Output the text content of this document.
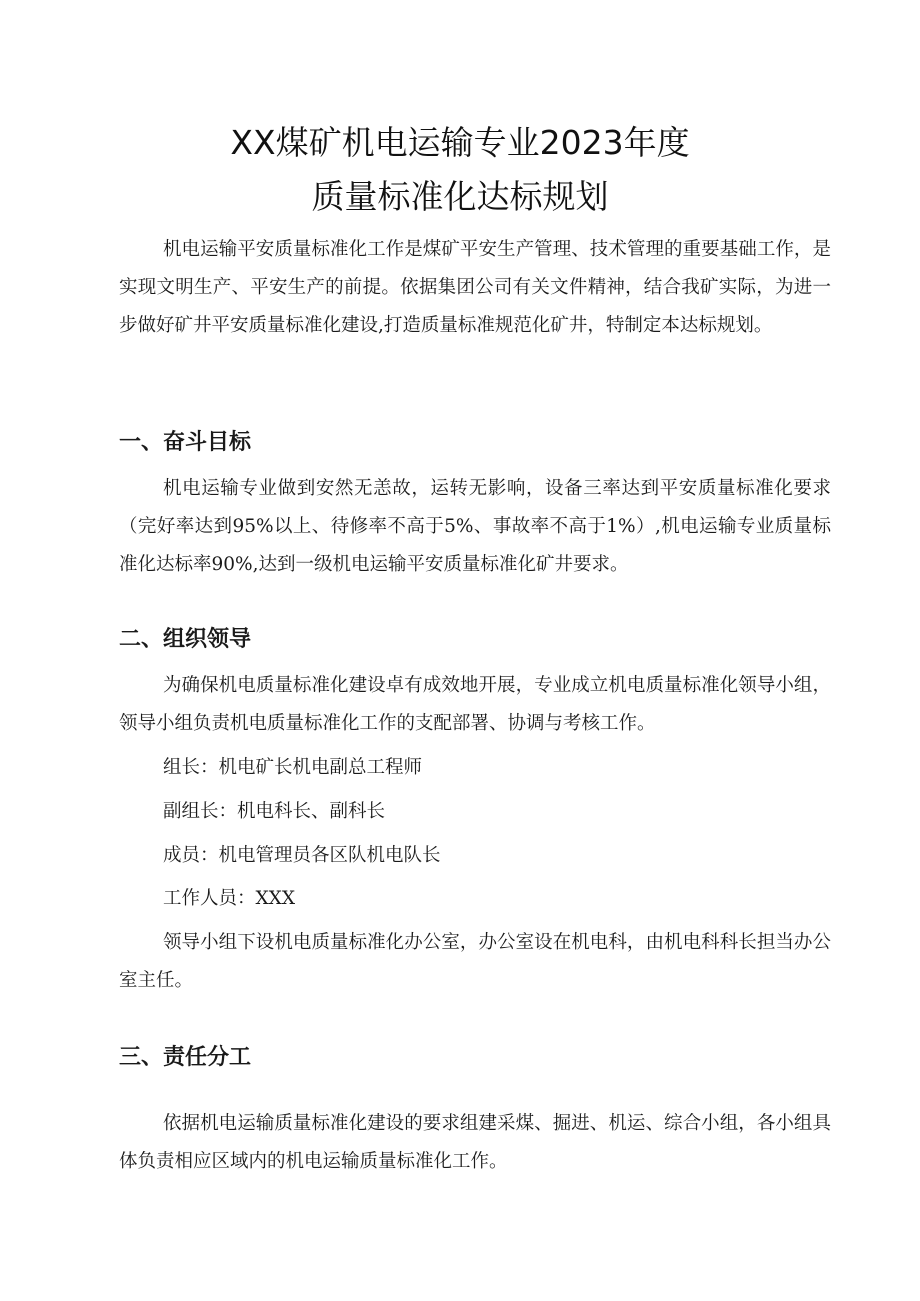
XX煤矿机电运输专业2023年度
质量标准化达标规划

机电运输平安质量标准化工作是煤矿平安生产管理、技术管理的重要基础工作，是实现文明生产、平安生产的前提。依据集团公司有关文件精神，结合我矿实际，为进一步做好矿井平安质量标准化建设,打造质量标准规范化矿井，特制定本达标规划。

一、奋斗目标

机电运输专业做到安然无恙故，运转无影响，设备三率达到平安质量标准化要求（完好率达到95%以上、待修率不高于5%、事故率不高于1%）,机电运输专业质量标准化达标率90%,达到一级机电运输平安质量标准化矿井要求。

二、组织领导

为确保机电质量标准化建设卓有成效地开展，专业成立机电质量标准化领导小组，领导小组负责机电质量标准化工作的支配部署、协调与考核工作。

组长：机电矿长机电副总工程师

副组长：机电科长、副科长

成员：机电管理员各区队机电队长

工作人员：XXX

领导小组下设机电质量标准化办公室，办公室设在机电科，由机电科科长担当办公室主任。

三、责任分工

依据机电运输质量标准化建设的要求组建采煤、掘进、机运、综合小组，各小组具体负责相应区域内的机电运输质量标准化工作。
